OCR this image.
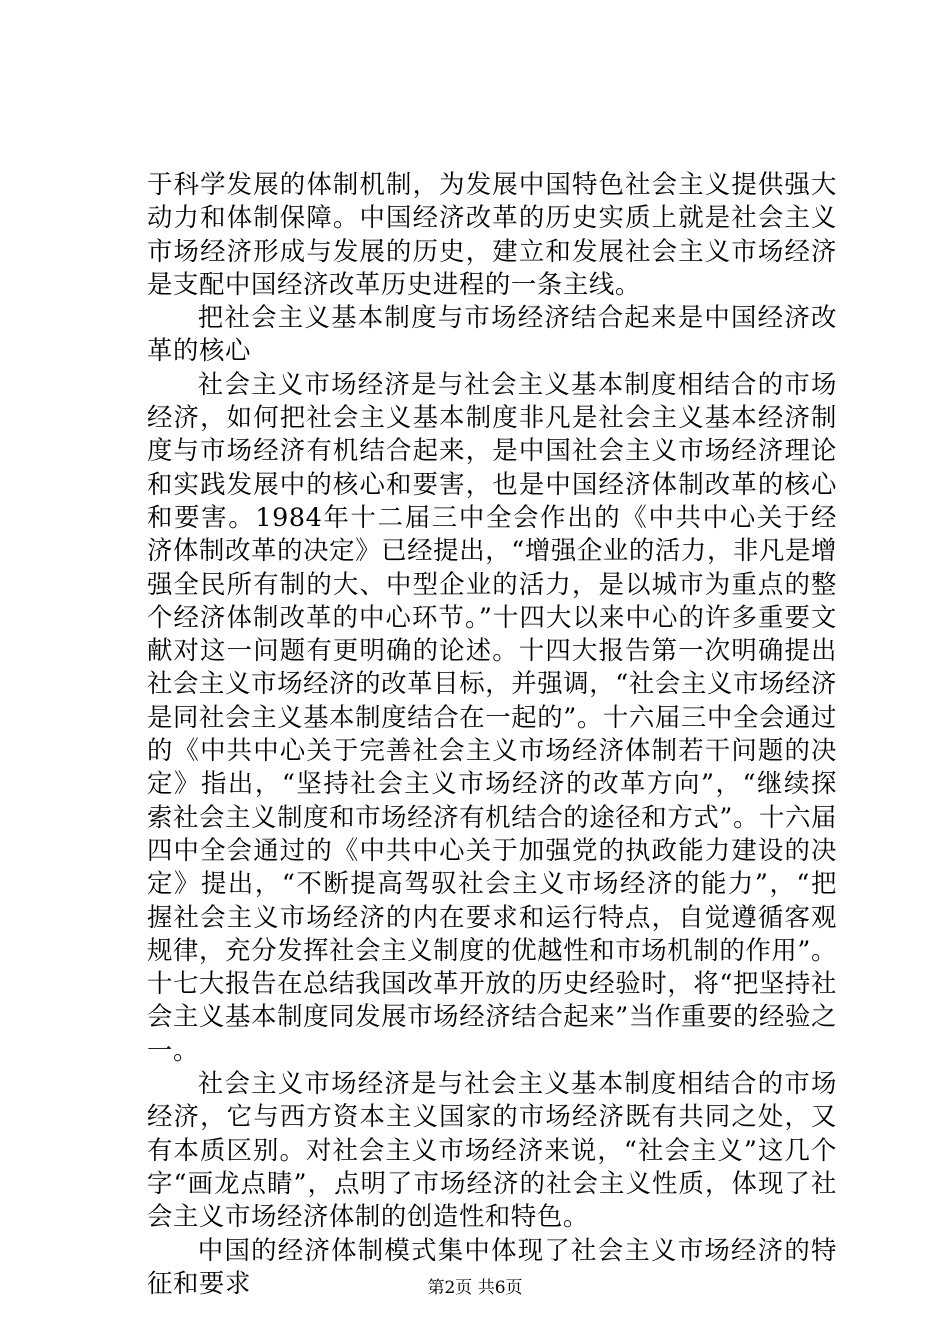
于科学发展的体制机制，为发展中国特色社会主义提供强大动力和体制保障。中国经济改革的历史实质上就是社会主义市场经济形成与发展的历史，建立和发展社会主义市场经济是支配中国经济改革历史进程的一条主线。

把社会主义基本制度与市场经济结合起来是中国经济改革的核心

社会主义市场经济是与社会主义基本制度相结合的市场经济，如何把社会主义基本制度非凡是社会主义基本经济制度与市场经济有机结合起来，是中国社会主义市场经济理论和实践发展中的核心和要害，也是中国经济体制改革的核心和要害。1984年十二届三中全会作出的《中共中心关于经济体制改革的决定》已经提出，“增强企业的活力，非凡是增强全民所有制的大、中型企业的活力，是以城市为重点的整个经济体制改革的中心环节。”十四大以来中心的许多重要文献对这一问题有更明确的论述。十四大报告第一次明确提出社会主义市场经济的改革目标，并强调，“社会主义市场经济是同社会主义基本制度结合在一起的”。十六届三中全会通过的《中共中心关于完善社会主义市场经济体制若干问题的决定》指出，“坚持社会主义市场经济的改革方向”，“继续探索社会主义制度和市场经济有机结合的途径和方式”。十六届四中全会通过的《中共中心关于加强党的执政能力建设的决定》提出，“不断提高驾驭社会主义市场经济的能力”，“把握社会主义市场经济的内在要求和运行特点，自觉遵循客观规律，充分发挥社会主义制度的优越性和市场机制的作用”。十七大报告在总结我国改革开放的历史经验时，将“把坚持社会主义基本制度同发展市场经济结合起来”当作重要的经验之一。

社会主义市场经济是与社会主义基本制度相结合的市场经济，它与西方资本主义国家的市场经济既有共同之处，又有本质区别。对社会主义市场经济来说，“社会主义”这几个字“画龙点睛”，点明了市场经济的社会主义性质，体现了社会主义市场经济体制的创造性和特色。

中国的经济体制模式集中体现了社会主义市场经济的特征和要求	第2页 共6页
